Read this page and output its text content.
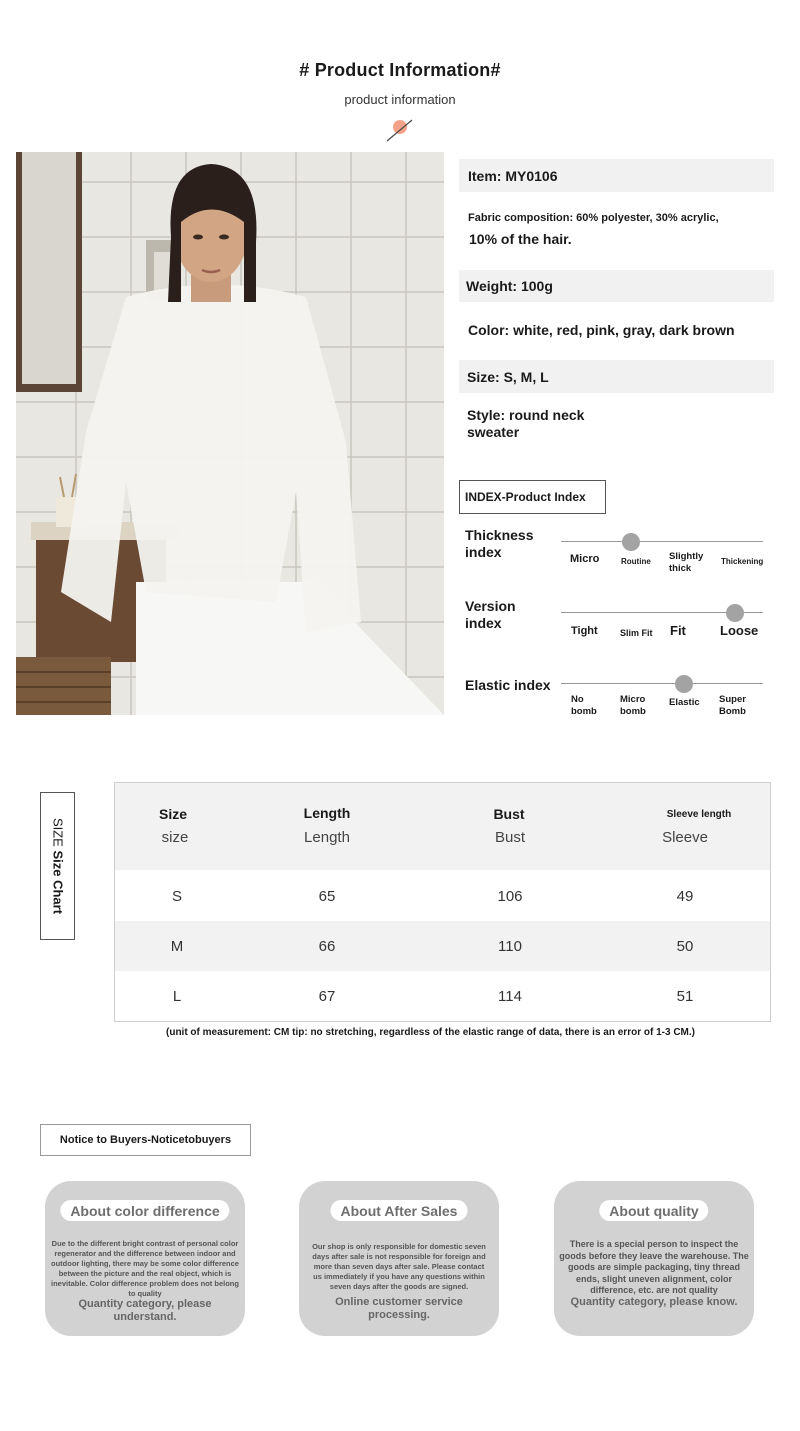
# Product Information#
product information
Item: MY0106
Fabric composition: 60% polyester, 30% acrylic,
10% of the hair.
Weight: 100g
Color: white, red, pink, gray, dark brown
Size: S, M, L
Style: round neck sweater
INDEX-Product Index
Thickness index	Micro	Routine Slightly thick
Thickening
Version index	Tight Slim Fit Fit	Loose
Elastic index
No bomb
Micro bomb
Elastic Super Bomb
SIZE Size Chart
Size	Length	Bust	Sleeve length
size	Length	Bust	Sleeve
S	65	106	49
M	66	110	50
L	67	114	51
(unit of measurement: CM tip: no stretching, regardless of the elastic range of data, there is an error of 1-3 CM.)
Notice to Buyers-Noticetobuyers
About color difference
Due to the different bright contrast of personal color regenerator and the difference between indoor and outdoor lighting, there may be some color difference between the picture and the real object, which is inevitable. Color difference problem does not belong to quality
Quantity category, please understand.
About After Sales
Our shop is only responsible for domestic seven days after sale is not responsible for foreign and more than seven days after sale. Please contact us immediately if you have any questions within seven days after the goods are signed.
Online customer service processing.
About quality
There is a special person to inspect the goods before they leave the warehouse. The goods are simple packaging, tiny thread ends, slight uneven alignment, color difference, etc. are not quality
Quantity category, please know.
